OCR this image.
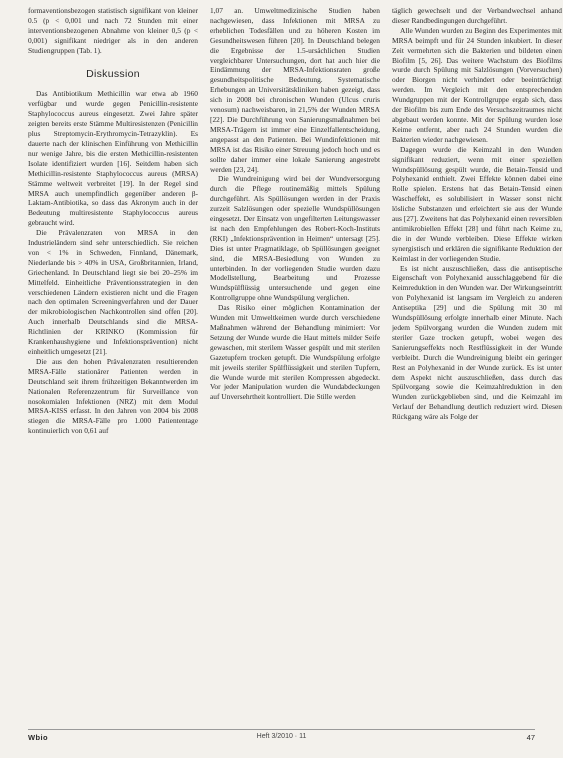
formaventionsbezogen statistisch signifikant von kleiner 0.5 (p < 0,001 und nach 72 Stunden mit einer interventionsbezogenen Abnahme von kleiner 0,5 (p < 0,001) signifikant niedriger als in den anderen Studiengruppen (Tab. 1).

Diskussion

Das Antibiotikum Methicillin war etwa ab 1960 verfügbar und wurde gegen Penicillin-resistente Staphylococcus aureus eingesetzt. Zwei Jahre später zeigten bereits erste Stämme Multiresistenzen (Penicillin plus Streptomycin-Erythromycin-Tetrazyklin). Es dauerte nach der klinischen Einführung von Methicillin nur wenige Jahre, bis die ersten Methicillin-resistenten Isolate identifiziert wurden [16]. Seitdem haben sich Methicillin-resistente Staphylococcus aureus (MRSA) Stämme weltweit verbreitet [19]. In der Regel sind MRSA auch unempfindlich gegenüber anderen β-Laktam-Antibiotika, so dass das Akronym auch in der Bedeutung multiresistente Staphylococcus aureus gebraucht wird.

Die Prävalenzraten von MRSA in den Industrieländern sind sehr unterschiedlich. Sie reichen von < 1% in Schweden, Finnland, Dänemark, Niederlande bis > 40% in USA, Großbritannien, Irland, Griechenland. In Deutschland liegt sie bei 20–25% im Mittelfeld. Einheitliche Präventionsstrategien in den verschiedenen Ländern existieren nicht und die Fragen nach den optimalen Screeningverfahren und der Dauer der mikrobiologischen Nachkontrollen sind offen [20]. Auch innerhalb Deutschlands sind die MRSA-Richtlinien der KRINKO (Kommission für Krankenhaushygiene und Infektionsprävention) nicht einheitlich umgesetzt [21].

Die aus den hohen Prävalenzraten resultierenden MRSA-Fälle stationärer Patienten werden in Deutschland seit ihrem frühzeitigen Bekanntwerden im Nationalen Referenzzentrum für Surveillance von nosokomialen Infektionen (NRZ) mit dem Modul MRSA-KISS erfasst. In den Jahren von 2004 bis 2008 stiegen die MRSA-Fälle pro 1.000 Patiententage kontinuierlich von 0,61 auf

1,07 an. Umweltmedizinische Studien haben nachgewiesen, dass Infektionen mit MRSA zu erheblichen Todesfällen und zu höheren Kosten im Gesundheitswesen führen [20]. In Deutschland belegen die Ergebnisse der 1.5-ursächlichen Studien vergleichbarer Untersuchungen, dort hat auch hier die Eindämmung der MRSA-Infektionsraten große gesundheitspolitische Bedeutung. Systematische Erhebungen an Universitätskliniken haben gezeigt, dass sich in 2008 bei chronischen Wunden (Ulcus cruris venosum) nachweisbaren, in 21,5% der Wunden MRSA [22]. Die Durchführung von Sanierungsmaßnahmen bei MRSA-Trägern ist immer eine Einzelfallentscheidung, angepasst an den Patienten. Bei Wundinfektionen mit MRSA ist das Risiko einer Streuung jedoch hoch und es sollte daher immer eine lokale Sanierung angestrebt werden [23, 24].

Die Wundreinigung wird bei der Wundversorgung durch die Pflege routinemäßig mittels Spülung durchgeführt. Als Spüllösungen werden in der Praxis zurzeit Salzlösungen oder spezielle Wundspüllösungen eingesetzt. Der Einsatz von ungefilterten Leitungswasser ist nach den Empfehlungen des Robert-Koch-Instituts (RKI) „Infektionsprävention in Heimen“ untersagt [25]. Dies ist unter Pragmatiklage, ob Spüllösungen geeignet sind, die MRSA-Besiedlung von Wunden zu unterbinden. In der vorliegenden Studie wurden dazu Modellstellung, Bearbeitung und Prozesse Wundspülflüssig untersuchende und gegen eine Kontrollgruppe ohne Wundspülung verglichen.

Das Risiko einer möglichen Kontamination der Wunden mit Umweltkeimen wurde durch verschiedene Maßnahmen während der Behandlung minimiert: Vor Setzung der Wunde wurde die Haut mittels milder Seife gewaschen, mit sterilem Wasser gespült und mit sterilen Gazetupfern trocken getupft. Die Wundspülung erfolgte mit jeweils steriler Spülflüssigkeit und sterilen Tupfern, die Wunde wurde mit sterilen Kompressen abgedeckt. Vor jeder Manipulation wurden die Wundabdeckungen auf Unversehrtheit kontrolliert. Die Stille werden

täglich gewechselt und der Verbandwechsel anhand dieser Randbedingungen durchgeführt.

Alle Wunden wurden zu Beginn des Experimentes mit MRSA beimpft und für 24 Stunden inkubiert. In dieser Zeit vermehrten sich die Bakterien und bildeten einen Biofilm [5, 26]. Das weitere Wachstum des Biofilms wurde durch Spülung mit Salzlösungen (Vorversuchen) oder Biorgen nicht verhindert oder beeinträchtigt werden. Im Vergleich mit den entsprechenden Wundgruppen mit der Kontrollgruppe ergab sich, dass der Biofilm bis zum Ende des Versuchszeitraumes nicht abgebaut werden konnte. Mit der Spülung wurden lose Keime entfernt, aber nach 24 Stunden wurden die Bakterien wieder nachgewiesen.

Dagegen wurde die Keimzahl in den Wunden signifikant reduziert, wenn mit einer speziellen Wundspüllösung gespült wurde, die Betain-Tensid und Polyhexanid enthielt. Zwei Effekte können dabei eine Rolle spielen. Erstens hat das Betain-Tensid einen Wascheffekt, es solubilisiert in Wasser sonst nicht lösliche Substanzen und erleichtert sie aus der Wunde aus [27]. Zweitens hat das Polyhexanid einen reversiblen antimikrobiellen Effekt [28] und führt nach Keime zu, die in der Wunde verbleiben. Diese Effekte wirken synergistisch und erklären die signifikante Reduktion der Keimlast in der vorliegenden Studie.

Es ist nicht auszuschließen, dass die antiseptische Eigenschaft von Polyhexanid ausschlaggebend für die Keimreduktion in den Wunden war. Der Wirkungseintritt von Polyhexanid ist langsam im Vergleich zu anderen Antiseptika [29] und die Spülung mit 30 ml Wundspüllösung erfolgte innerhalb einer Minute. Nach jedem Spülvorgang wurden die Wunden zudem mit steriler Gaze trocken getupft, wobei wegen des Sanierungseffekts noch Restflüssigkeit in der Wunde verbleibt. Durch die Wundreinigung bleibt ein geringer Rest an Polyhexanid in der Wunde zurück. Es ist unter dem Aspekt nicht auszuschließen, dass durch das Spülvorgang sowie die Keimzahlreduktion in den Wunden zurückgeblieben sind, und die Keimzahl im Verlauf der Behandlung deutlich reduziert wird. Diesen Rückgang wäre als Folge der

Wbio	Heft 3/2010 · 11	47
